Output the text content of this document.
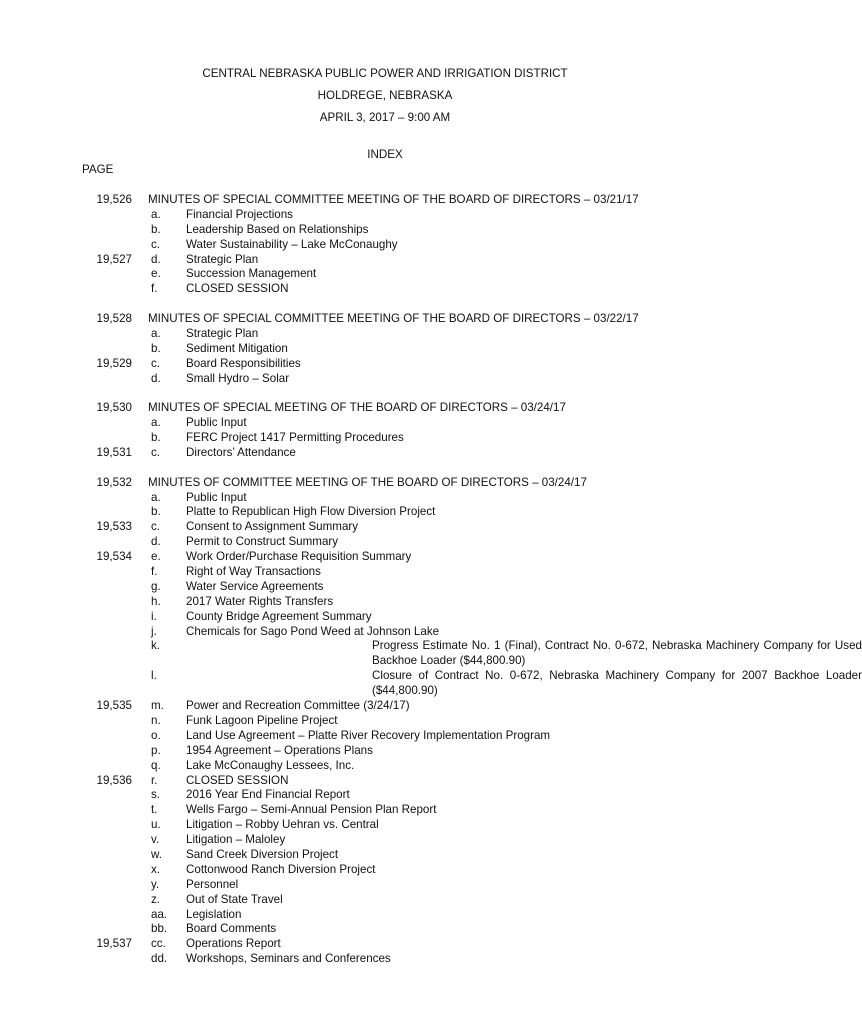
CENTRAL NEBRASKA PUBLIC POWER AND IRRIGATION DISTRICT
HOLDREGE, NEBRASKA
APRIL 3, 2017 – 9:00 AM
INDEX
PAGE
19,526 MINUTES OF SPECIAL COMMITTEE MEETING OF THE BOARD OF DIRECTORS – 03/21/17
a. Financial Projections
b. Leadership Based on Relationships
c. Water Sustainability – Lake McConaughy
19,527 d. Strategic Plan
e. Succession Management
f. CLOSED SESSION
19,528 MINUTES OF SPECIAL COMMITTEE MEETING OF THE BOARD OF DIRECTORS – 03/22/17
a. Strategic Plan
b. Sediment Mitigation
19,529 c. Board Responsibilities
d. Small Hydro – Solar
19,530 MINUTES OF SPECIAL MEETING OF THE BOARD OF DIRECTORS – 03/24/17
a. Public Input
b. FERC Project 1417 Permitting Procedures
19,531 c. Directors’ Attendance
19,532 MINUTES OF COMMITTEE MEETING OF THE BOARD OF DIRECTORS – 03/24/17
a. Public Input
b. Platte to Republican High Flow Diversion Project
19,533 c. Consent to Assignment Summary
d. Permit to Construct Summary
19,534 e. Work Order/Purchase Requisition Summary
f. Right of Way Transactions
g. Water Service Agreements
h. 2017 Water Rights Transfers
i.	County Bridge Agreement Summary
j.	Chemicals for Sago Pond Weed at Johnson Lake
k.	Progress Estimate No. 1 (Final), Contract No. 0-672, Nebraska Machinery Company for Used Backhoe Loader ($44,800.90)
l.	Closure of Contract No. 0-672, Nebraska Machinery Company for 2007 Backhoe Loader ($44,800.90)
19,535 m. Power and Recreation Committee (3/24/17)
n. Funk Lagoon Pipeline Project
o. Land Use Agreement – Platte River Recovery Implementation Program
p. 1954 Agreement – Operations Plans
q. Lake McConaughy Lessees, Inc.
19,536 r. CLOSED SESSION
s. 2016 Year End Financial Report
t. Wells Fargo – Semi-Annual Pension Plan Report
u. Litigation – Robby Uehran vs. Central
v. Litigation – Maloley
w. Sand Creek Diversion Project
x. Cottonwood Ranch Diversion Project
y. Personnel
z. Out of State Travel
aa. Legislation
bb. Board Comments
19,537 cc. Operations Report
dd. Workshops, Seminars and Conferences
